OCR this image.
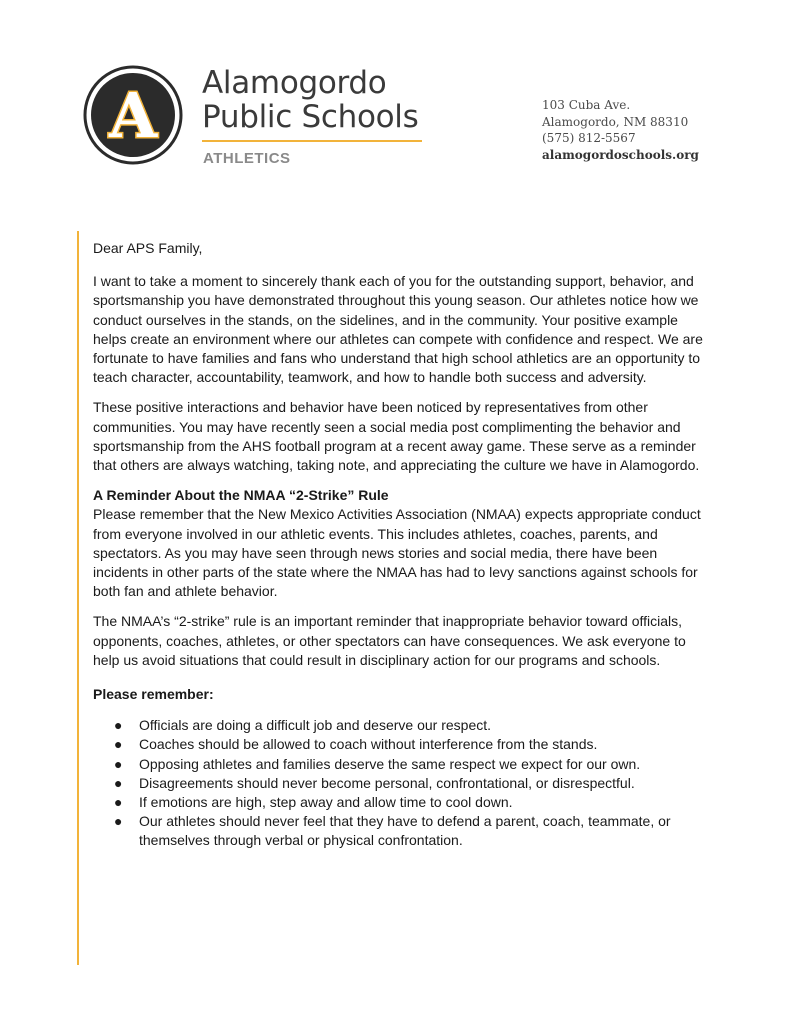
A Alamogordo
Public Schools
ATHLETICS
103 Cuba Ave.
Alamogordo, NM 88310
(575) 812-5567
alamogordoschools.org

Dear APS Family,

I want to take a moment to sincerely thank each of you for the outstanding support, behavior, and sportsmanship you have demonstrated throughout this young season. Our athletes notice how we conduct ourselves in the stands, on the sidelines, and in the community. Your positive example helps create an environment where our athletes can compete with confidence and respect. We are fortunate to have families and fans who understand that high school athletics are an opportunity to teach character, accountability, teamwork, and how to handle both success and adversity.

These positive interactions and behavior have been noticed by representatives from other communities. You may have recently seen a social media post complimenting the behavior and sportsmanship from the AHS football program at a recent away game. These serve as a reminder that others are always watching, taking note, and appreciating the culture we have in Alamogordo.

A Reminder About the NMAA “2-Strike” Rule

Please remember that the New Mexico Activities Association (NMAA) expects appropriate conduct from everyone involved in our athletic events. This includes athletes, coaches, parents, and spectators. As you may have seen through news stories and social media, there have been incidents in other parts of the state where the NMAA has had to levy sanctions against schools for both fan and athlete behavior.

The NMAA’s “2-strike” rule is an important reminder that inappropriate behavior toward officials, opponents, coaches, athletes, or other spectators can have consequences. We ask everyone to help us avoid situations that could result in disciplinary action for our programs and schools.

Please remember:
● Officials are doing a difficult job and deserve our respect.
● Coaches should be allowed to coach without interference from the stands.
● Opposing athletes and families deserve the same respect we expect for our own.
● Disagreements should never become personal, confrontational, or disrespectful.
● If emotions are high, step away and allow time to cool down.
● Our athletes should never feel that they have to defend a parent, coach, teammate, or themselves through verbal or physical confrontation.
